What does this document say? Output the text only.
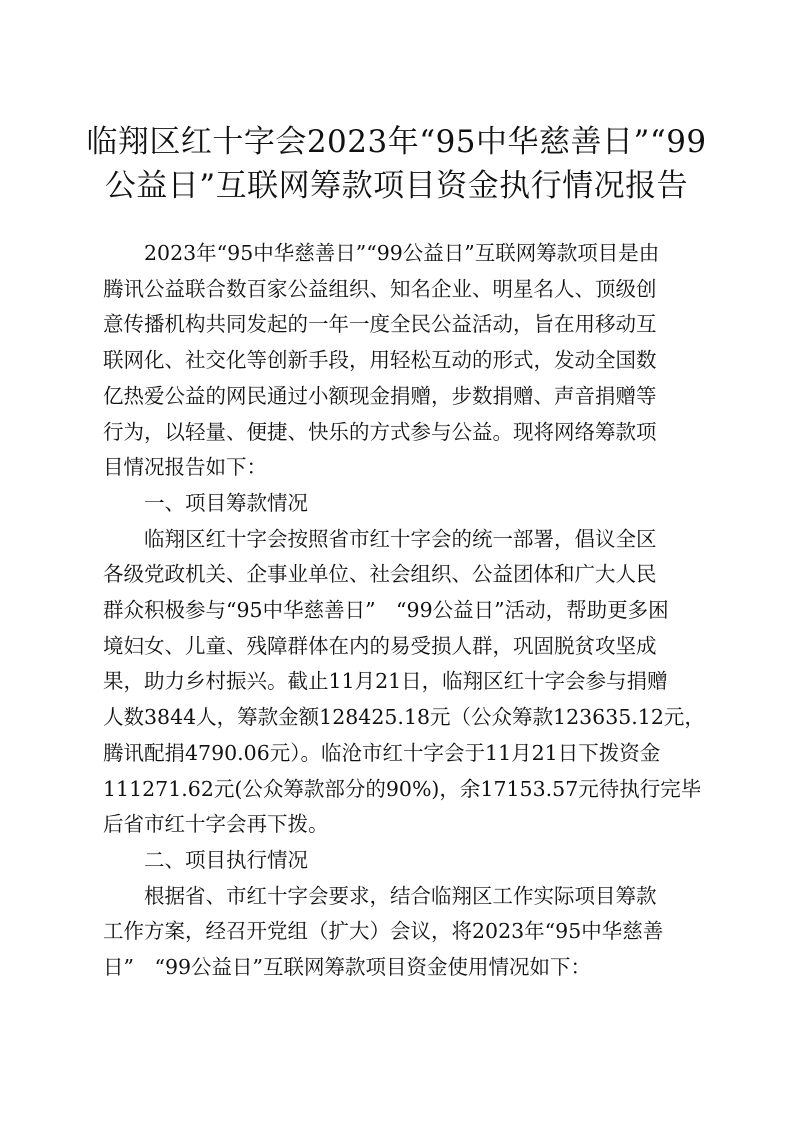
临翔区红十字会2023年“95中华慈善日”“99
公益日”互联网筹款项目资金执行情况报告

2023年“95中华慈善日”“99公益日”互联网筹款项目是由
腾讯公益联合数百家公益组织、知名企业、明星名人、顶级创
意传播机构共同发起的一年一度全民公益活动，旨在用移动互
联网化、社交化等创新手段，用轻松互动的形式，发动全国数
亿热爱公益的网民通过小额现金捐赠，步数捐赠、声音捐赠等
行为，以轻量、便捷、快乐的方式参与公益。现将网络筹款项
目情况报告如下：

一、项目筹款情况

临翔区红十字会按照省市红十字会的统一部署，倡议全区
各级党政机关、企事业单位、社会组织、公益团体和广大人民
群众积极参与“95中华慈善日”　“99公益日”活动，帮助更多困
境妇女、儿童、残障群体在内的易受损人群，巩固脱贫攻坚成
果，助力乡村振兴。截止11月21日，临翔区红十字会参与捐赠
人数3844人，筹款金额128425.18元（公众筹款123635.12元，
腾讯配捐4790.06元）。临沧市红十字会于11月21日下拨资金
111271.62元(公众筹款部分的90%)，余17153.57元待执行完毕
后省市红十字会再下拨。

二、项目执行情况

根据省、市红十字会要求，结合临翔区工作实际项目筹款
工作方案，经召开党组（扩大）会议，将2023年“95中华慈善
日”　“99公益日”互联网筹款项目资金使用情况如下：
